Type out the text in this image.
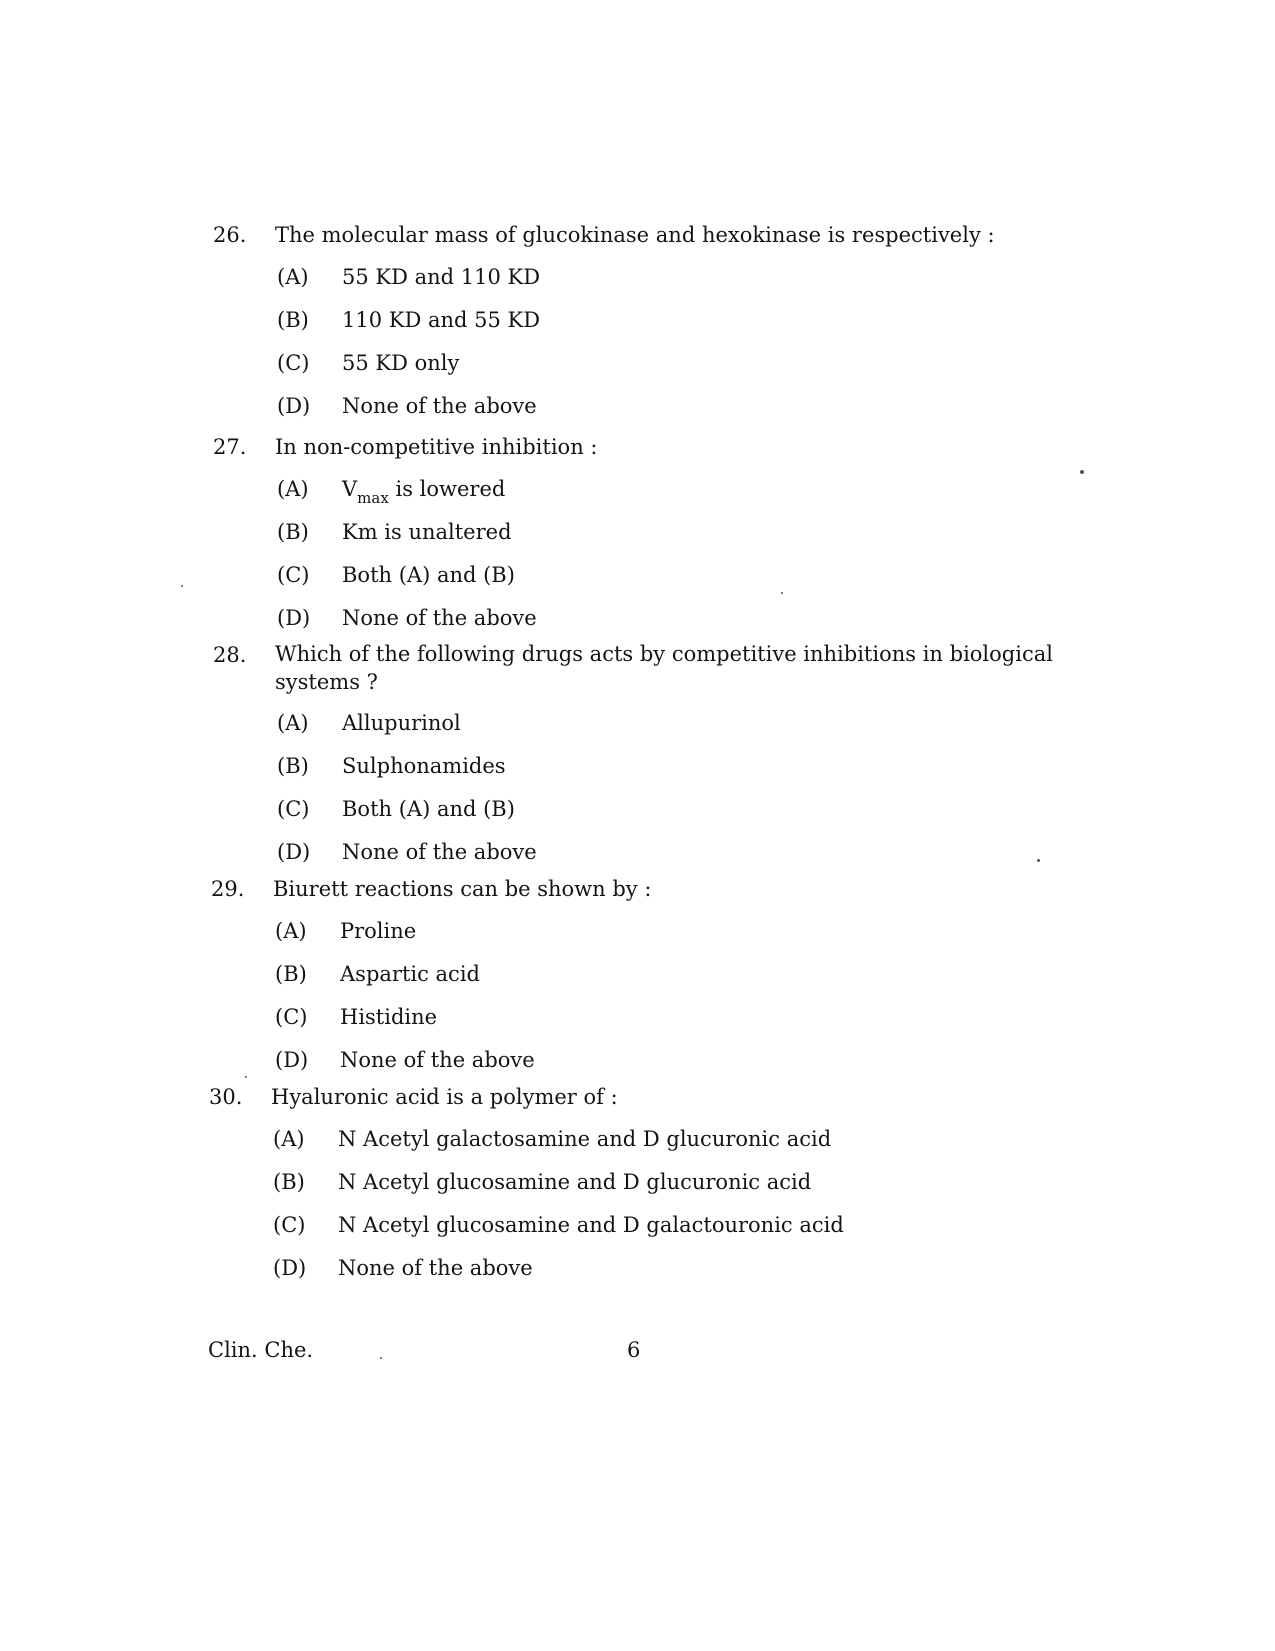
26.	The molecular mass of glucokinase and hexokinase is respectively :
(A)	55 KD and 110 KD
(B)	110 KD and 55 KD
(C)	55 KD only
(D)	None of the above
27.	In non-competitive inhibition :
(A)	$V_{max}$ is lowered
(B)	Km is unaltered
(C)	Both (A) and (B)
(D)	None of the above
28.	Which of the following drugs acts by competitive inhibitions in biological systems ?
(A)	Allupurinol
(B)	Sulphonamides
(C)	Both (A) and (B)
(D)	None of the above
29.	Biurett reactions can be shown by :
(A)	Proline
(B)	Aspartic acid
(C)	Histidine
(D)	None of the above
30.	Hyaluronic acid is a polymer of :
(A)	N Acetyl galactosamine and D glucuronic acid
(B)	N Acetyl glucosamine and D glucuronic acid
(C)	N Acetyl glucosamine and D galactouronic acid
(D)	None of the above
Clin. Che.	6
